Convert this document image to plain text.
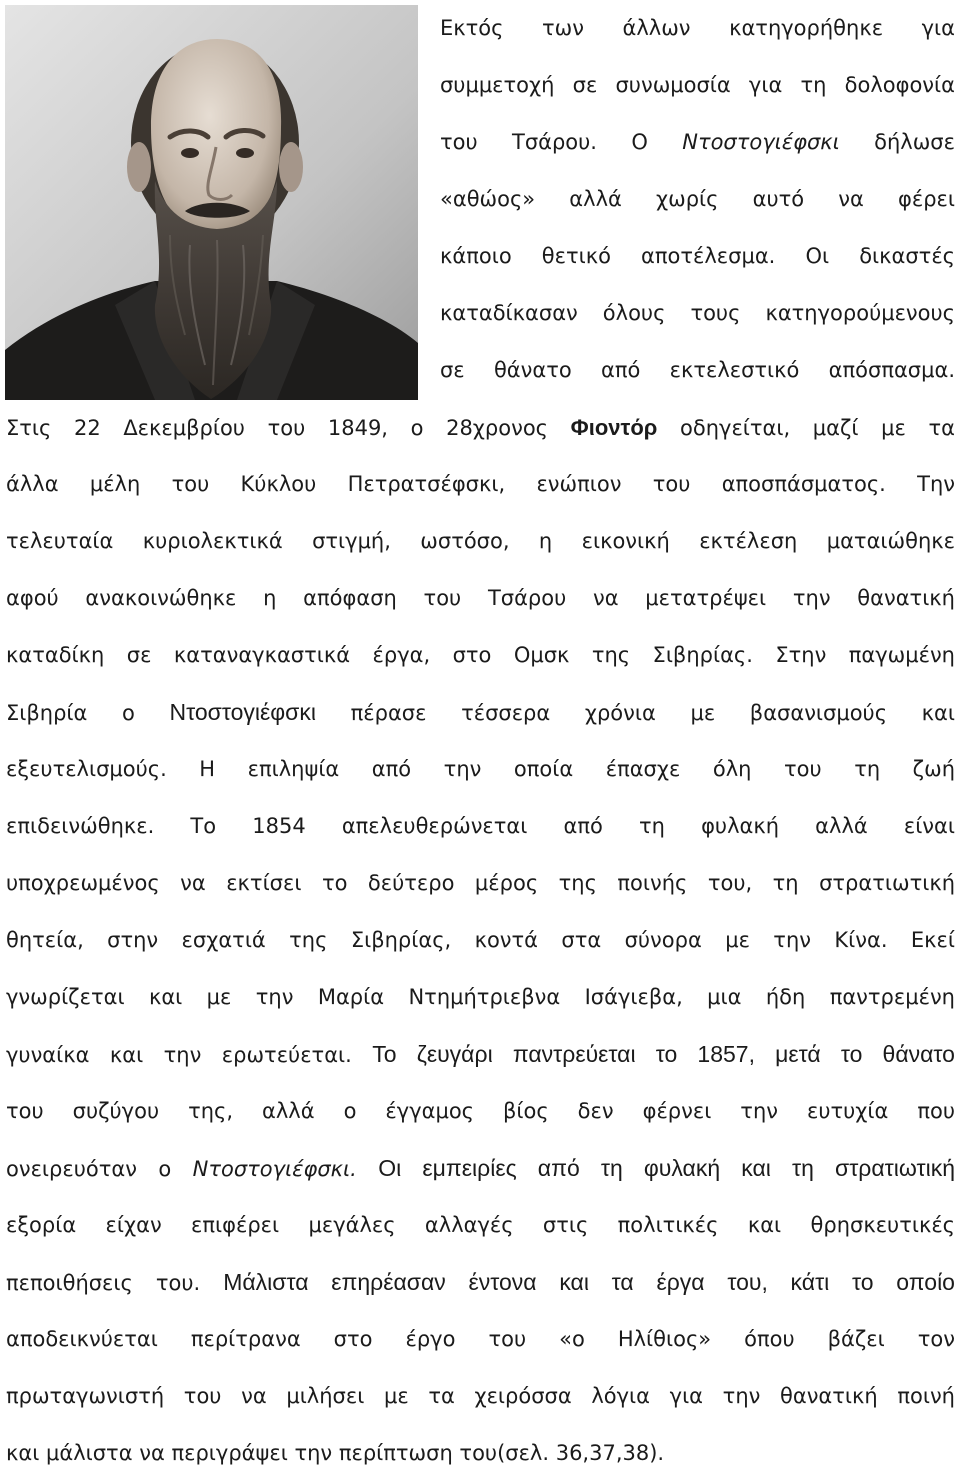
Εκτός των άλλων κατηγορήθηκε για
συμμετοχή σε συνωμοσία για τη δολοφονία
του Τσάρου. Ο Ντοστογιέφσκι δήλωσε
«αθώος» αλλά χωρίς αυτό να φέρει
κάποιο θετικό αποτέλεσμα. Οι δικαστές
καταδίκασαν όλους τους κατηγορούμενους
σε θάνατο από εκτελεστικό απόσπασμα.
Στις 22 Δεκεμβρίου του 1849, ο 28χρονος Φιοντόρ οδηγείται, μαζί με τα
άλλα μέλη του Κύκλου Πετρατσέφσκι, ενώπιον του αποσπάσματος. Την
τελευταία κυριολεκτικά στιγμή, ωστόσο, η εικονική εκτέλεση ματαιώθηκε
αφού ανακοινώθηκε η απόφαση του Τσάρου να μετατρέψει την θανατική
καταδίκη σε καταναγκαστικά έργα, στο Ομσκ της Σιβηρίας. Στην παγωμένη
Σιβηρία ο Ντοστογιέφσκι πέρασε τέσσερα χρόνια με βασανισμούς και
εξευτελισμούς. Η επιληψία από την οποία έπασχε όλη του τη ζωή
επιδεινώθηκε. Το 1854 απελευθερώνεται από τη φυλακή αλλά είναι
υποχρεωμένος να εκτίσει το δεύτερο μέρος της ποινής του, τη στρατιωτική
θητεία, στην εσχατιά της Σιβηρίας, κοντά στα σύνορα με την Κίνα. Εκεί
γνωρίζεται και με την Μαρία Ντημήτριεβνα Ισάγιεβα, μια ήδη παντρεμένη
γυναίκα και την ερωτεύεται. Το ζευγάρι παντρεύεται το 1857, μετά το θάνατο
του συζύγου της, αλλά ο έγγαμος βίος δεν φέρνει την ευτυχία που
ονειρευόταν ο Ντοστογιέφσκι. Οι εμπειρίες από τη φυλακή και τη στρατιωτική
εξορία είχαν επιφέρει μεγάλες αλλαγές στις πολιτικές και θρησκευτικές
πεποιθήσεις του. Μάλιστα επηρέασαν έντονα και τα έργα του, κάτι το οποίο
αποδεικνύεται περίτρανα στο έργο του «ο Ηλίθιος» όπου βάζει τον
πρωταγωνιστή του να μιλήσει με τα χειρόσσα λόγια για την θανατική ποινή
και μάλιστα να περιγράψει την περίπτωση του(σελ. 36,37,38).
